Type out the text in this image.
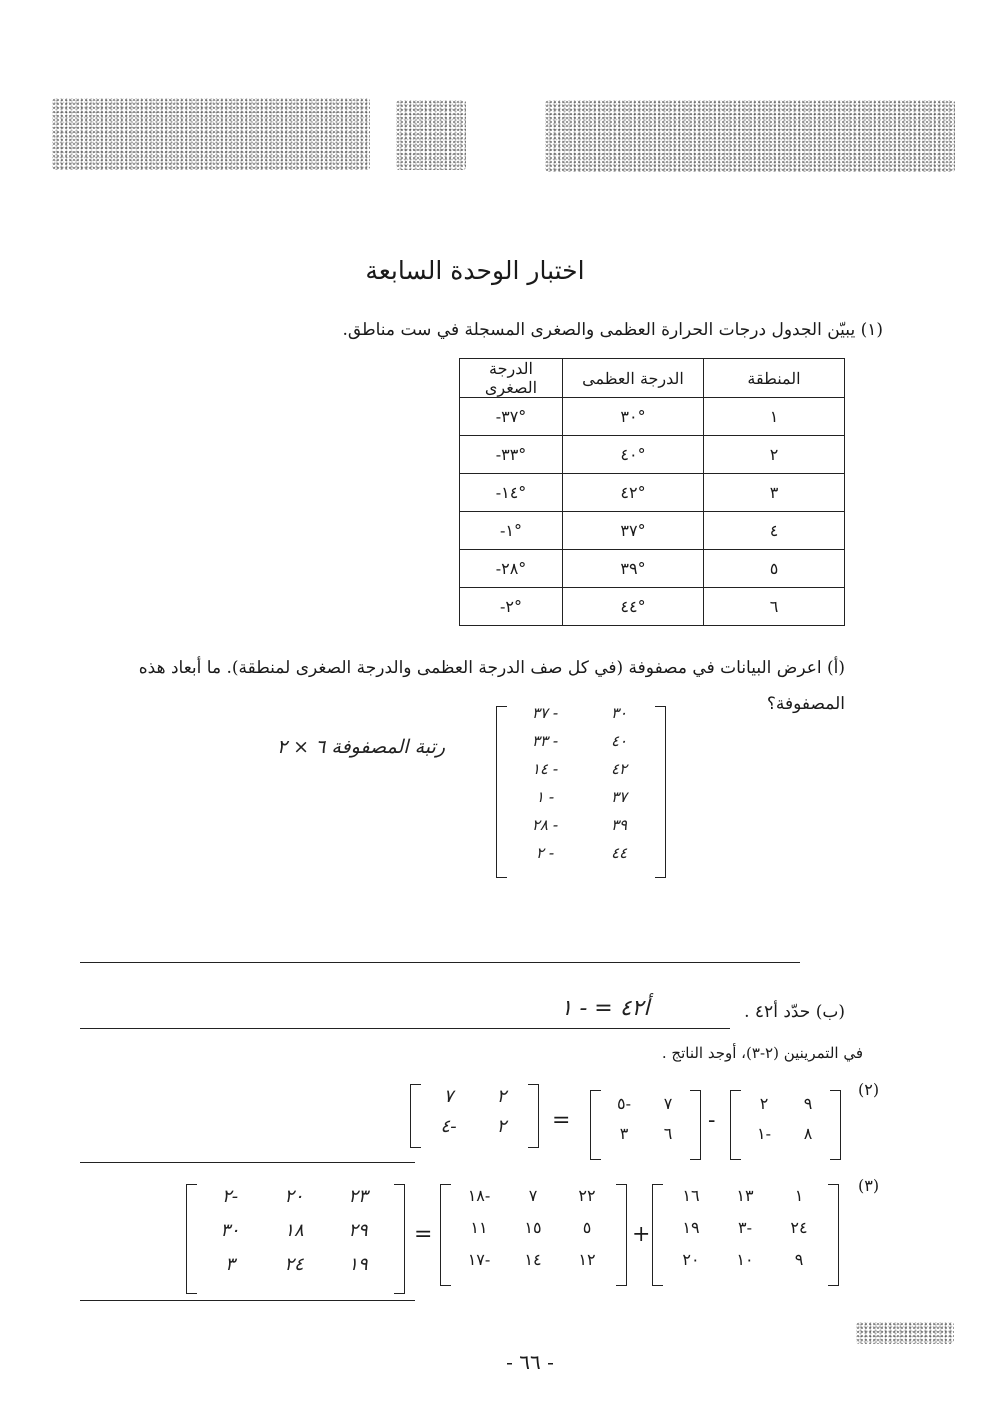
اختبار الوحدة السابعة
(١) يبيّن الجدول درجات الحرارة العظمى والصغرى المسجلة في ست مناطق.
المنطقة	الدرجة العظمى	الدرجة الصغرى
١	°٣٠	°٣٧-
٢	°٤٠	°٣٣-
٣	°٤٢	°١٤-
٤	°٣٧	°١-
٥	°٣٩	°٢٨-
٦	°٤٤	°٢-
(أ) اعرض البيانات في مصفوفة (في كل صف الدرجة العظمى والدرجة الصغرى لمنطقة). ما أبعاد هذه
المصفوفة؟
٣٧ -	٣٠
٣٣ -	٤٠
١٤ -	٤٢
١ -	٣٧
٢٨ -	٣٩
٢ -	٤٤
رتبة المصفوفة ٦ × ٢
(ب) حدّد أ٤٢ .
أ٤٢ = - ١
في التمرينين (٢-٣)، أوجد الناتج .
(٢)
٢	٩
١-	٨
-
٥-	٧
٣	٦
=
٧	٢
٤-	٢
(٣)
١٦	١٣	١
١٩	٣-	٢٤
٢٠	١٠	٩
+
١٨-	٧	٢٢
١١	١٥	٥
١٧-	١٤	١٢
=
٢-	٢٠	٢٣
٣٠	١٨	٢٩
٣	٢٤	١٩
- ٦٦ -
